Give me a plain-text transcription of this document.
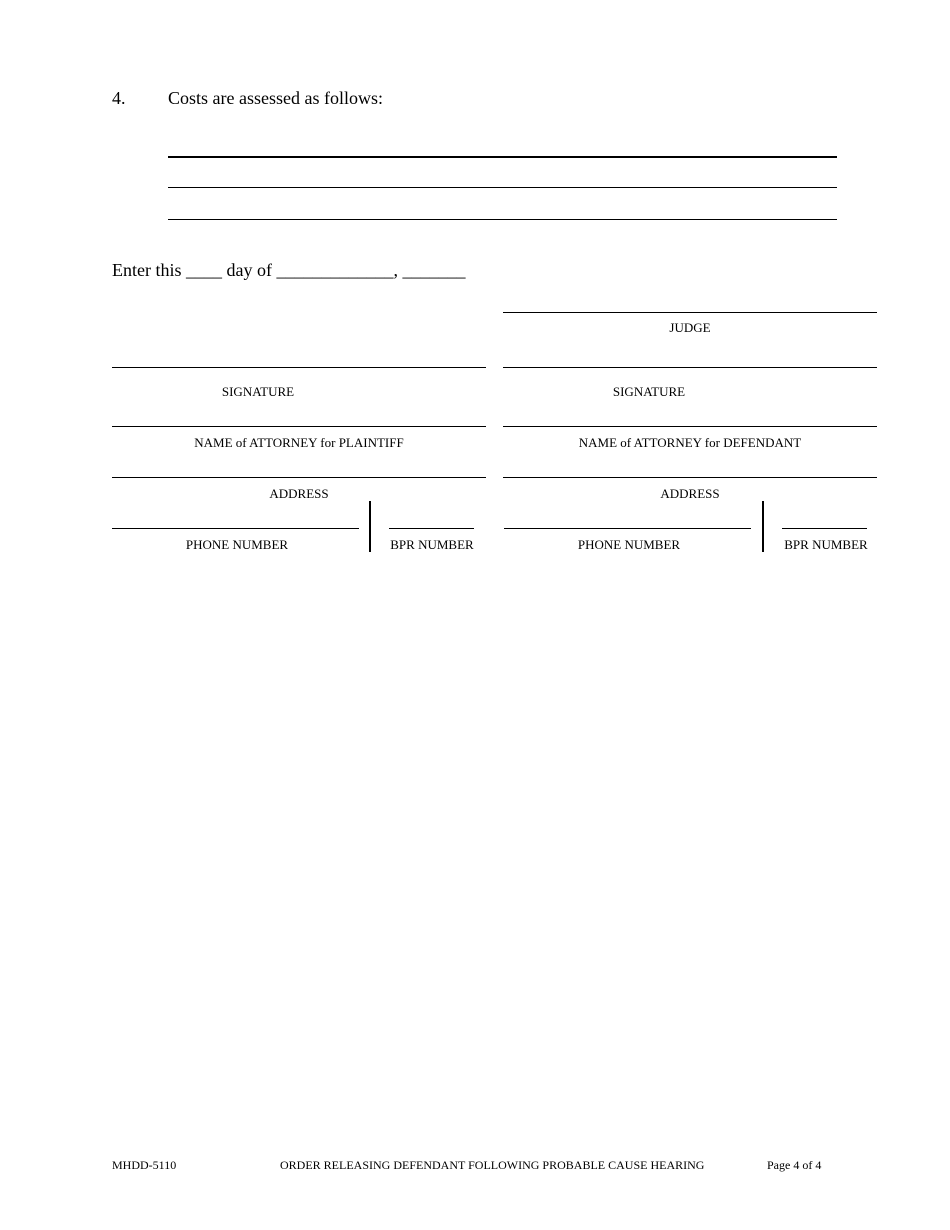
4. Costs are assessed as follows:
Enter this ____ day of _____________, _______
JUDGE
SIGNATURE	SIGNATURE
NAME of ATTORNEY for PLAINTIFF	NAME of ATTORNEY for DEFENDANT
ADDRESS	ADDRESS
PHONE NUMBER	BPR NUMBER	PHONE NUMBER	BPR NUMBER
MHDD-5110	ORDER RELEASING DEFENDANT FOLLOWING PROBABLE CAUSE HEARING	Page 4 of 4
